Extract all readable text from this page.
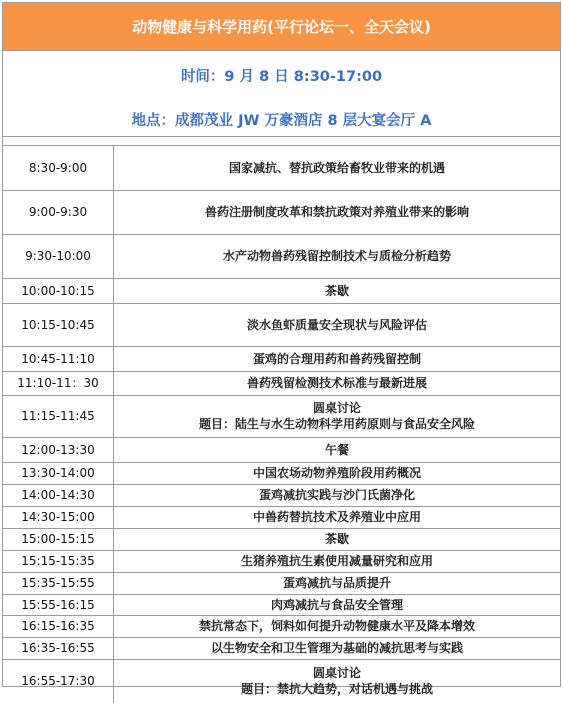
动物健康与科学用药(平行论坛一、全天会议)
时间：9 月 8 日 8:30-17:00
地点：成都茂业 JW 万豪酒店 8 层大宴会厅 A
8:30-9:00	国家减抗、替抗政策给畜牧业带来的机遇

9:00-9:30	兽药注册制度改革和禁抗政策对养殖业带来的影响

9:30-10:00	水产动物兽药残留控制技术与质检分析趋势

10:00-10:15	茶歇

10:15-10:45	淡水鱼虾质量安全现状与风险评估

10:45-11:10	蛋鸡的合理用药和兽药残留控制

11:10-11：30	兽药残留检测技术标准与最新进展

11:15-11:45	圆桌讨论
题目：陆生与水生动物科学用药原则与食品安全风险

12:00-13:30	午餐

13:30-14:00	中国农场动物养殖阶段用药概况

14:00-14:30	蛋鸡减抗实践与沙门氏菌净化

14:30-15:00	中兽药替抗技术及养殖业中应用

15:00-15:15	茶歇

15:15-15:35	生猪养殖抗生素使用减量研究和应用

15:35-15:55	蛋鸡减抗与品质提升

15:55-16:15	肉鸡减抗与食品安全管理

16:15-16:35	禁抗常态下，饲料如何提升动物健康水平及降本增效

16:35-16:55	以生物安全和卫生管理为基础的减抗思考与实践

16:55-17:30	圆桌讨论
题目：禁抗大趋势，对话机遇与挑战
